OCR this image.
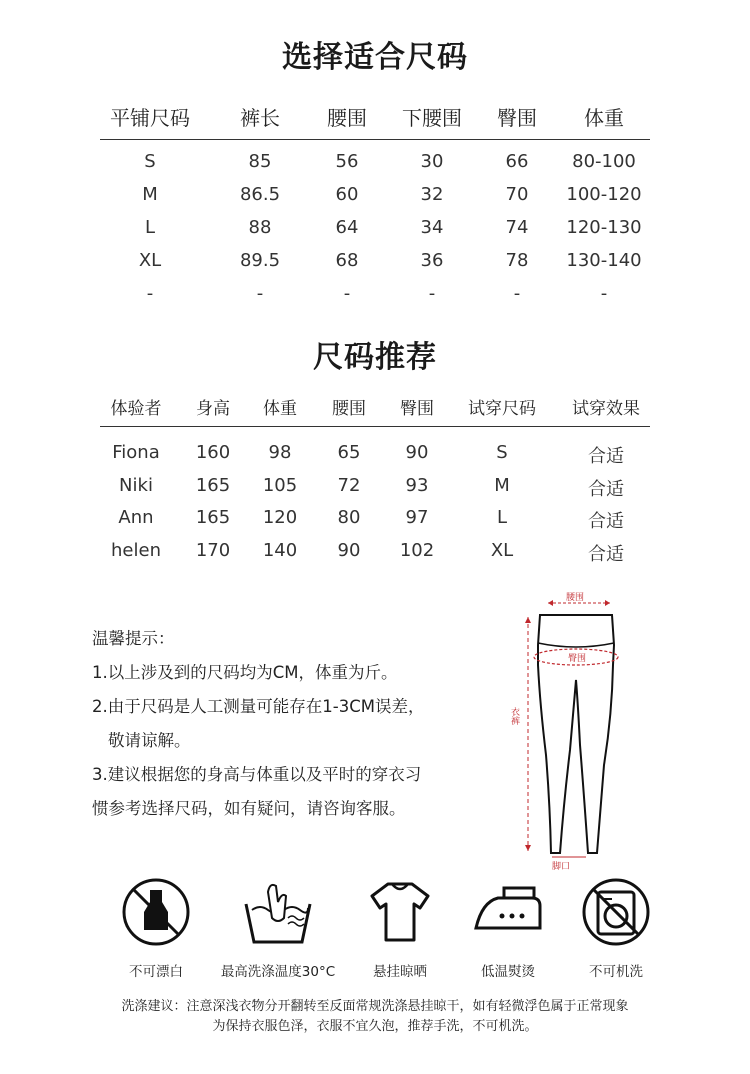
选择适合尺码
平铺尺码	裤长 腰围 下腰围 臀围 体重
S	85	56	30	66 80-100
M	86.5	60	32	70 100-120
L	88	64	34	74 120-130
XL	89.5	68	36	78 130-140
-	-	-	-	-	-
尺码推荐
体验者 身高 体重 腰围 臀围 试穿尺码 试穿效果
Fiona 160 98	65	90	S	合适
Niki 165 105 72	93	M	合适
Ann 165 120 80	97	L	合适
helen 170 140 90 102	XL	合适
温馨提示：
1.以上涉及到的尺码均为CM，体重为斤。
2.由于尺码是人工测量可能存在1-3CM误差，
敬请谅解。
3.建议根据您的身高与体重以及平时的穿衣习
惯参考选择尺码，如有疑问，请咨询客服。
腰围
臀围
衣裤
脚口
不可漂白	最高洗涤温度30°C	悬挂晾晒	低温熨烫	不可机洗
洗涤建议：注意深浅衣物分开翻转至反面常规洗涤悬挂晾干，如有轻微浮色属于正常现象
为保持衣服色泽，衣服不宜久泡，推荐手洗，不可机洗。
